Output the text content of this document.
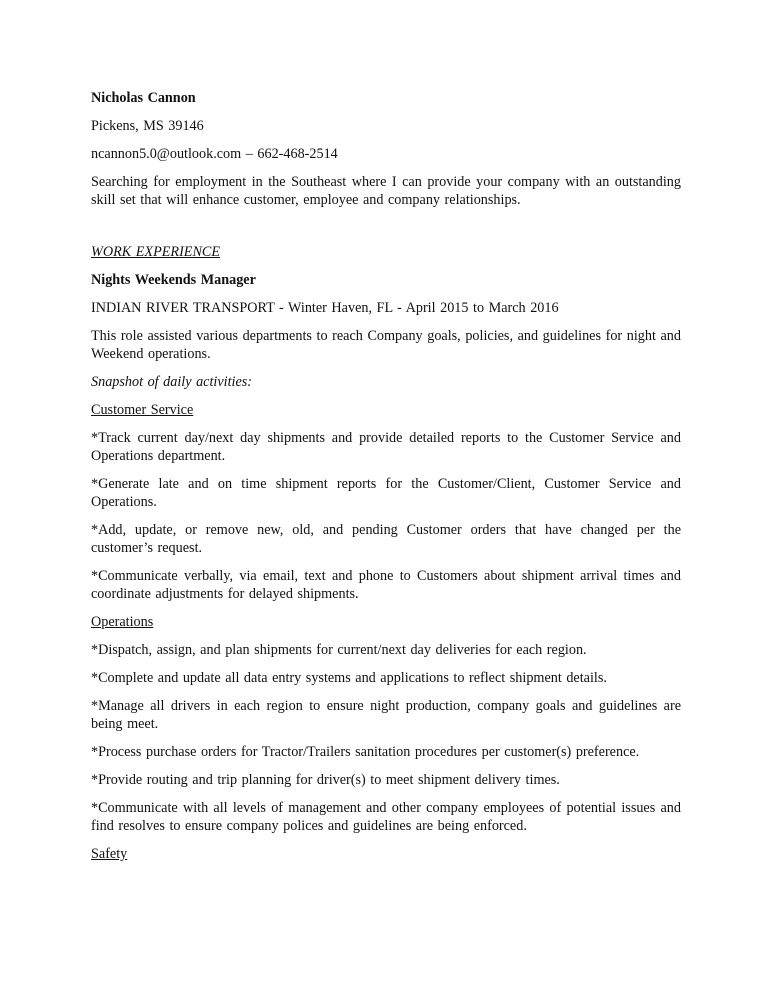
Nicholas Cannon
Pickens, MS 39146
ncannon5.0@outlook.com – 662-468-2514
Searching for employment in the Southeast where I can provide your company with an outstanding skill set that will enhance customer, employee and company relationships.
WORK EXPERIENCE
Nights Weekends Manager
INDIAN RIVER TRANSPORT - Winter Haven, FL - April 2015 to March 2016
This role assisted various departments to reach Company goals, policies, and guidelines for night and Weekend operations.
Snapshot of daily activities:
Customer Service
*Track current day/next day shipments and provide detailed reports to the Customer Service and Operations department.
*Generate late and on time shipment reports for the Customer/Client, Customer Service and Operations.
*Add, update, or remove new, old, and pending Customer orders that have changed per the customer’s request.
*Communicate verbally, via email, text and phone to Customers about shipment arrival times and coordinate adjustments for delayed shipments.
Operations
*Dispatch, assign, and plan shipments for current/next day deliveries for each region.
*Complete and update all data entry systems and applications to reflect shipment details.
*Manage all drivers in each region to ensure night production, company goals and guidelines are being meet.
*Process purchase orders for Tractor/Trailers sanitation procedures per customer(s) preference.
*Provide routing and trip planning for driver(s) to meet shipment delivery times.
*Communicate with all levels of management and other company employees of potential issues and find resolves to ensure company polices and guidelines are being enforced.
Safety
